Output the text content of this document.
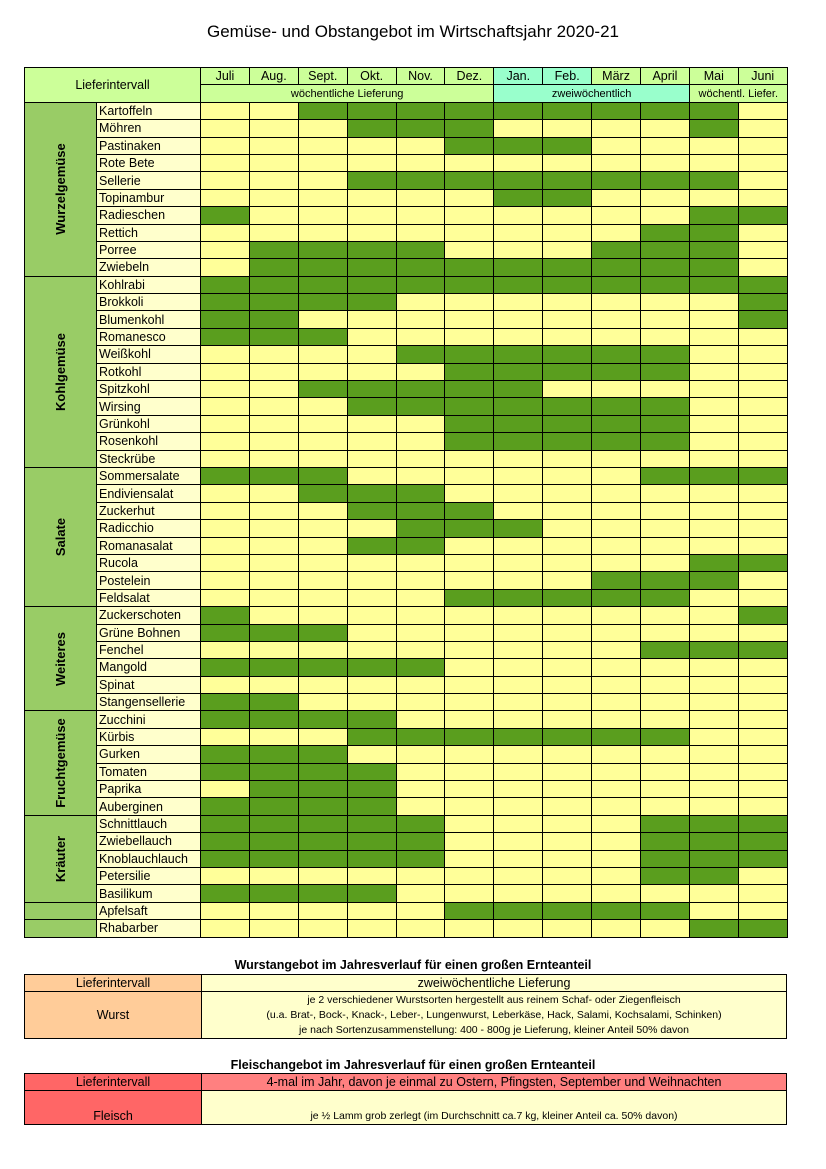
Gemüse- und Obstangebot im Wirtschaftsjahr 2020-21
Lieferintervall		Juli	Aug.	Sept.	Okt.	Nov.	Dez.	Jan.	Feb.	März	April	Mai	Juni
		wöchentliche Lieferung						zweiwöchentlich				wöchentl. Liefer.	

Wurzelgemüse	Kartoffeln												
	Möhren												
	Pastinaken												
	Rote Bete												
	Sellerie												
	Topinambur												
	Radieschen												
	Rettich												
	Porree												
	Zwiebeln												

Kohlgemüse	Kohlrabi												
	Brokkoli												
	Blumenkohl												
	Romanesco												
	Weißkohl												
	Rotkohl												
	Spitzkohl												
	Wirsing												
	Grünkohl												
	Rosenkohl												
	Steckrübe												

Salate	Sommersalate												
	Endiviensalat												
	Zuckerhut												
	Radicchio												
	Romanasalat												
	Rucola												
	Postelein												
	Feldsalat												

Weiteres	Zuckerschoten												
	Grüne Bohnen												
	Fenchel												
	Mangold												
	Spinat												
	Stangensellerie												

Fruchtgemüse	Zucchini												
	Kürbis												
	Gurken												
	Tomaten												
	Paprika												
	Auberginen												

Kräuter	Schnittlauch												
	Zwiebellauch												
	Knoblauchlauch												
	Petersilie												
	Basilikum												

	Apfelsaft												

	Rhabarber												
Wurstangebot im Jahresverlauf für einen großen Ernteanteil
Lieferintervall	zweiwöchentliche Lieferung
Wurst	je 2 verschiedener Wurstsorten hergestellt aus reinem Schaf- oder Ziegenfleisch
(u.a. Brat-, Bock-, Knack-, Leber-, Lungenwurst, Leberkäse, Hack, Salami, Kochsalami, Schinken)
je nach Sortenzusammenstellung: 400 - 800g je Lieferung, kleiner Anteil 50% davon
Fleischangebot im Jahresverlauf für einen großen Ernteanteil
Lieferintervall	4-mal im Jahr, davon je einmal zu Ostern, Pfingsten, September und Weihnachten
Fleisch	je ½ Lamm grob zerlegt (im Durchschnitt ca.7 kg, kleiner Anteil ca. 50% davon)
